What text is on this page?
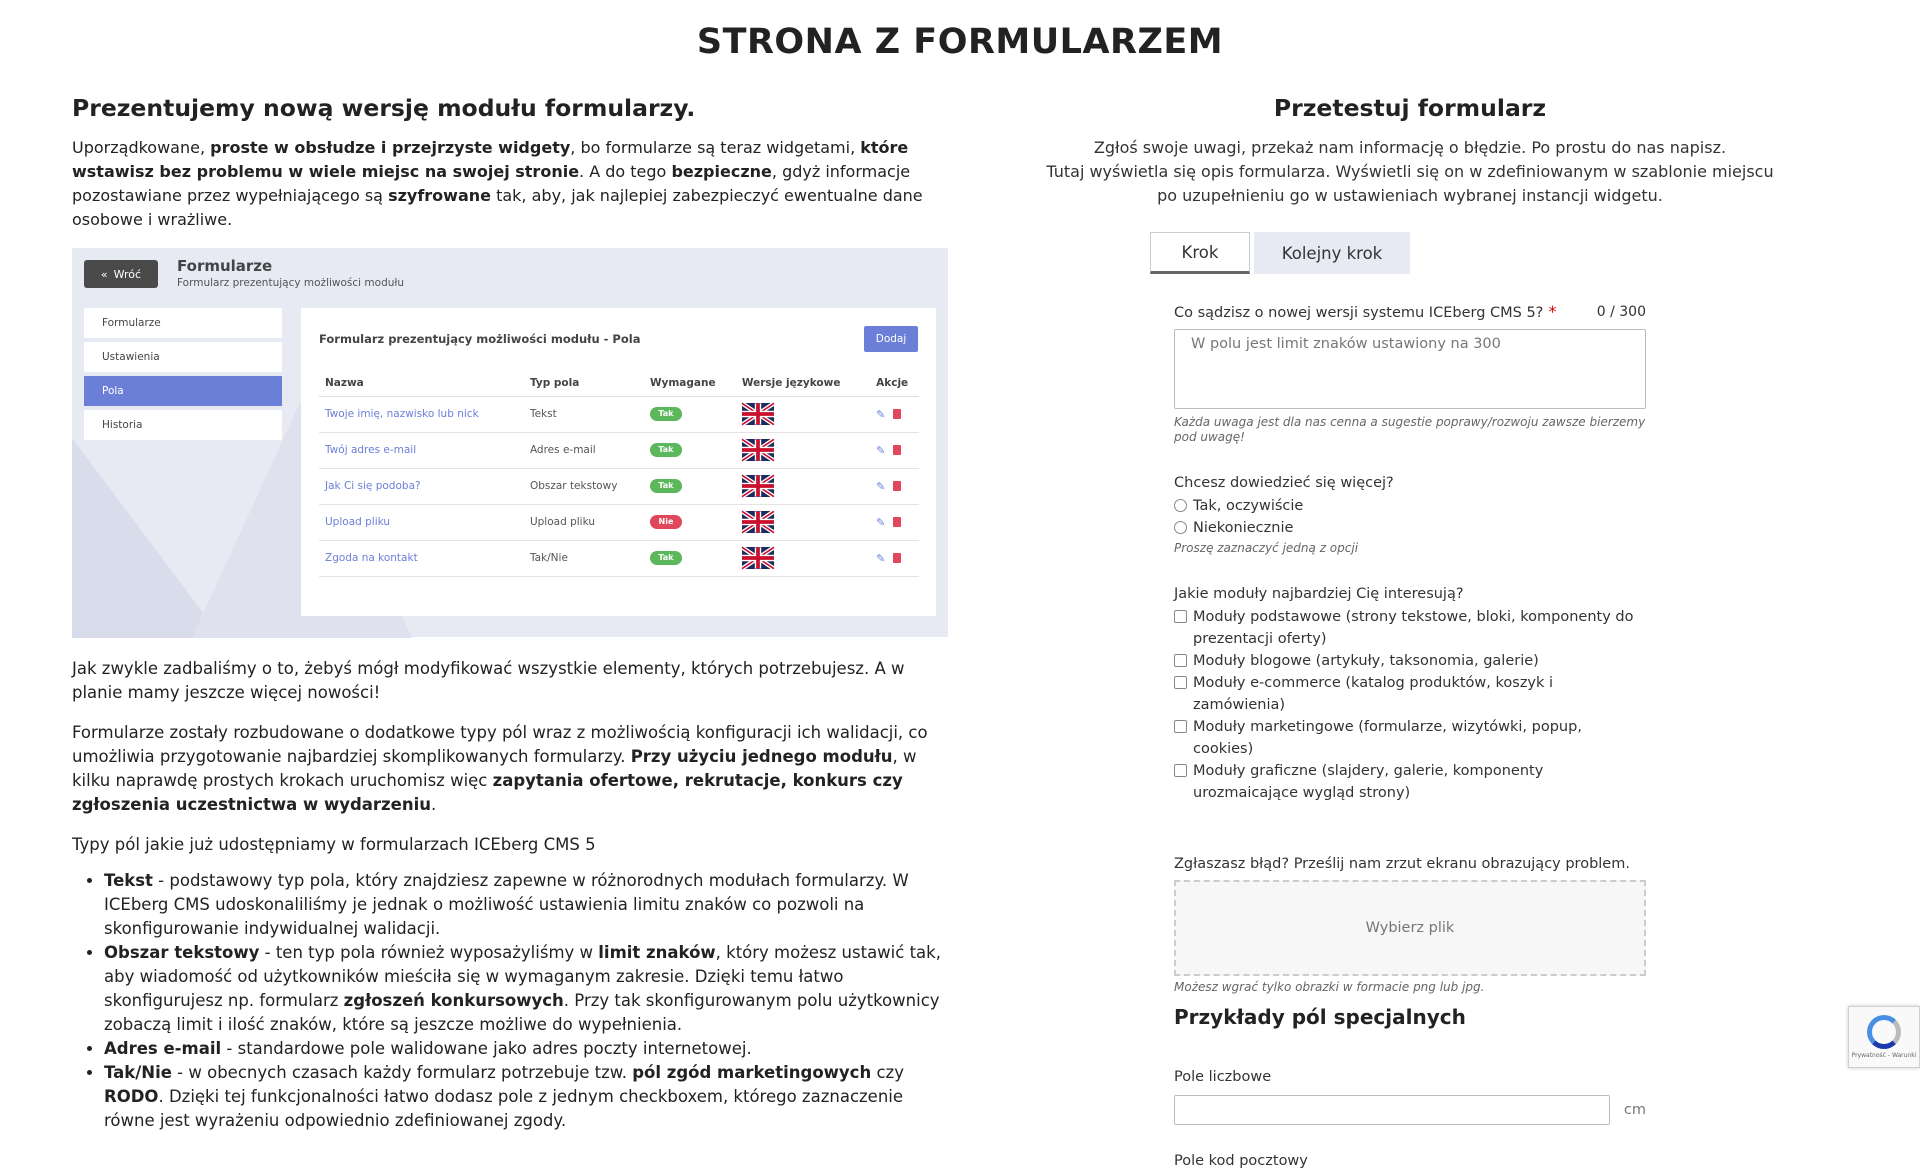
STRONA Z FORMULARZEM
Prezentujemy nową wersję modułu formularzy.

Uporządkowane, proste w obsłudze i przejrzyste widgety, bo formularze są teraz widgetami, które wstawisz bez problemu w wiele miejsc na swojej stronie. A do tego bezpieczne, gdyż informacje pozostawiane przez wypełniającego są szyfrowane tak, aby, jak najlepiej zabezpieczyć ewentualne dane osobowe i wrażliwe.

« Wróć Formularze
Formularz prezentujący możliwości modułu
Formularze
Ustawienia
Pola
Historia
Formularz prezentujący możliwości modułu - Pola	Dodaj
Nazwa	Typ pola	Wymagane	Wersje językowe	Akcje
Twoje imię, nazwisko lub nick	Tekst	Tak		✎

Twój adres e-mail	Adres e-mail	Tak		✎

Jak Ci się podoba?	Obszar tekstowy	Tak		✎

Upload pliku	Upload pliku	Nie		✎

Zgoda na kontakt	Tak/Nie	Tak		✎

Jak zwykle zadbaliśmy o to, żebyś mógł modyfikować wszystkie elementy, których potrzebujesz. A w planie mamy jeszcze więcej nowości!

Formularze zostały rozbudowane o dodatkowe typy pól wraz z możliwością konfiguracji ich walidacji, co umożliwia przygotowanie najbardziej skomplikowanych formularzy. Przy użyciu jednego modułu, w kilku naprawdę prostych krokach uruchomisz więc zapytania ofertowe, rekrutacje, konkurs czy zgłoszenia uczestnictwa w wydarzeniu.

Typy pól jakie już udostępniamy w formularzach ICEberg CMS 5

• Tekst - podstawowy typ pola, który znajdziesz zapewne w różnorodnych modułach formularzy. W ICEberg CMS udoskonaliliśmy je jednak o możliwość ustawienia limitu znaków co pozwoli na skonfigurowanie indywidualnej walidacji.
• Obszar tekstowy - ten typ pola również wyposażyliśmy w limit znaków, który możesz ustawić tak, aby wiadomość od użytkowników mieściła się w wymaganym zakresie. Dzięki temu łatwo skonfigurujesz np. formularz zgłoszeń konkursowych. Przy tak skonfigurowanym polu użytkownicy zobaczą limit i ilość znaków, które są jeszcze możliwe do wypełnienia.
• Adres e-mail - standardowe pole walidowane jako adres poczty internetowej.
• Tak/Nie - w obecnych czasach każdy formularz potrzebuje tzw. pól zgód marketingowych czy RODO. Dzięki tej funkcjonalności łatwo dodasz pole z jednym checkboxem, którego zaznaczenie równe jest wyrażeniu odpowiednio zdefiniowanej zgody.
Przetestuj formularz
Zgłoś swoje uwagi, przekaż nam informację o błędzie. Po prostu do nas napisz.
Tutaj wyświetla się opis formularza. Wyświetli się on w zdefiniowanym w szablonie miejscu
po uzupełnieniu go w ustawieniach wybranej instancji widgetu.
Krok	Kolejny krok
Co sądzisz o nowej wersji systemu ICEberg CMS 5? *	0 / 300
W polu jest limit znaków ustawiony na 300
Każda uwaga jest dla nas cenna a sugestie poprawy/rozwoju zawsze bierzemy pod uwagę!
Chcesz dowiedzieć się więcej?
Tak, oczywiście
Niekoniecznie
Proszę zaznaczyć jedną z opcji
Jakie moduły najbardziej Cię interesują?
Moduły podstawowe (strony tekstowe, bloki, komponenty do prezentacji oferty)
Moduły blogowe (artykuły, taksonomia, galerie)
Moduły e-commerce (katalog produktów, koszyk i zamówienia)
Moduły marketingowe (formularze, wizytówki, popup, cookies)
Moduły graficzne (slajdery, galerie, komponenty urozmaicające wygląd strony)
Zgłaszasz błąd? Prześlij nam zrzut ekranu obrazujący problem.
Wybierz plik
Możesz wgrać tylko obrazki w formacie png lub jpg.
Przykłady pól specjalnych
Pole liczbowe
cm
Pole kod pocztowy
Prywatność - Warunki
